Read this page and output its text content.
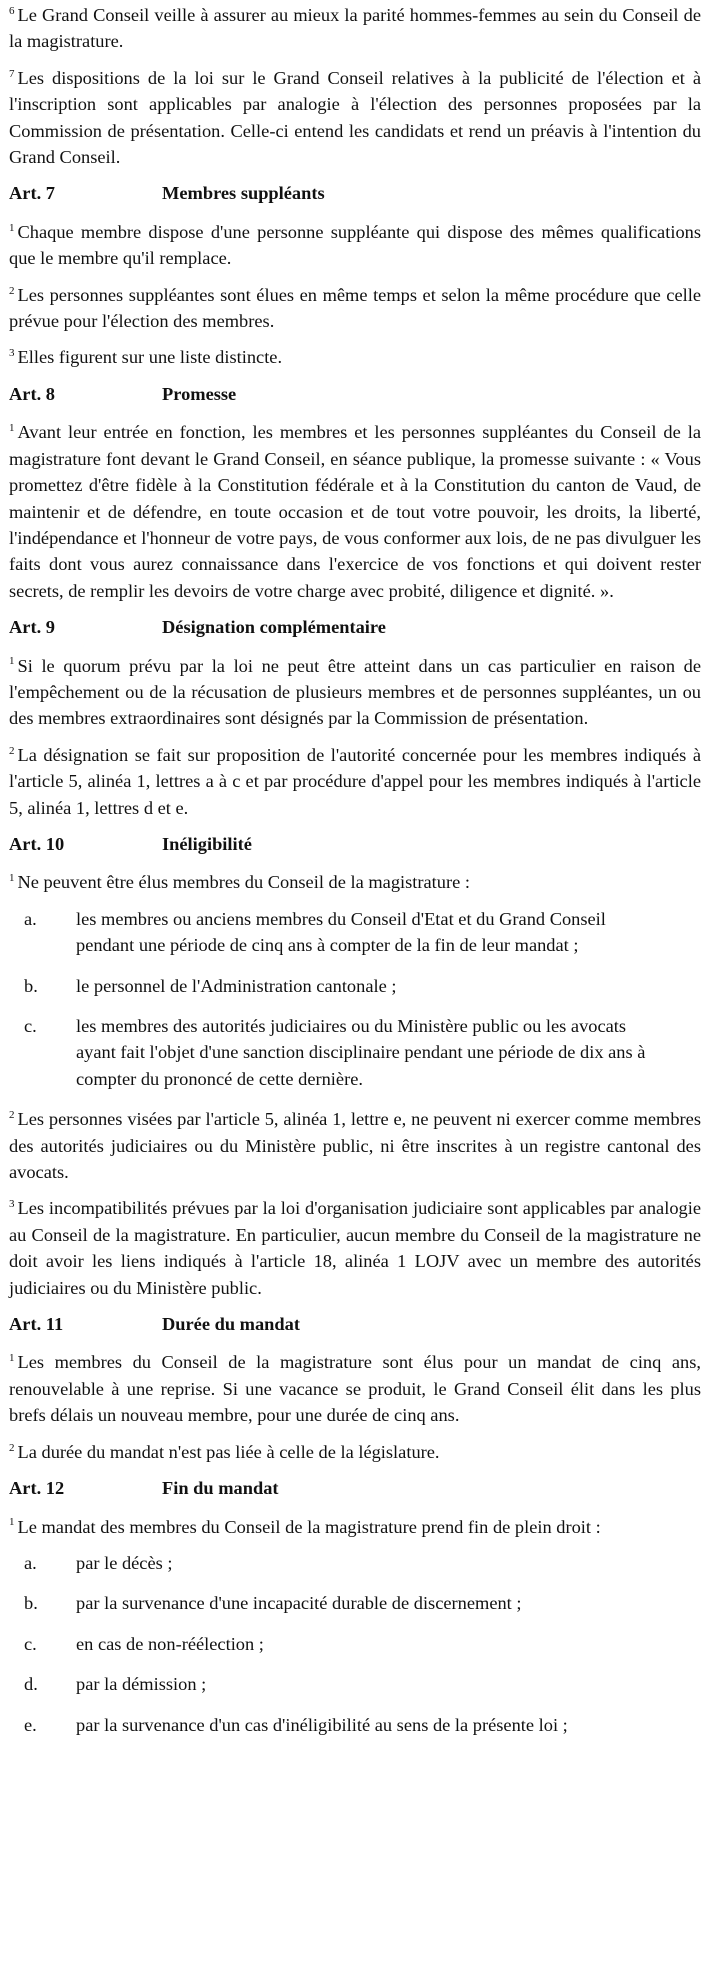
$^6$ Le Grand Conseil veille à assurer au mieux la parité hommes-femmes au sein du Conseil de la magistrature.

$^7$ Les dispositions de la loi sur le Grand Conseil relatives à la publicité de l'élection et à l'inscription sont applicables par analogie à l'élection des personnes proposées par la Commission de présentation. Celle-ci entend les candidats et rend un préavis à l'intention du Grand Conseil.

Art. 7	Membres suppléants

$^1$ Chaque membre dispose d'une personne suppléante qui dispose des mêmes qualifications que le membre qu'il remplace.

$^2$ Les personnes suppléantes sont élues en même temps et selon la même procédure que celle prévue pour l'élection des membres.

$^3$ Elles figurent sur une liste distincte.

Art. 8	Promesse

$^1$ Avant leur entrée en fonction, les membres et les personnes suppléantes du Conseil de la magistrature font devant le Grand Conseil, en séance publique, la promesse suivante : « Vous promettez d'être fidèle à la Constitution fédérale et à la Constitution du canton de Vaud, de maintenir et de défendre, en toute occasion et de tout votre pouvoir, les droits, la liberté, l'indépendance et l'honneur de votre pays, de vous conformer aux lois, de ne pas divulguer les faits dont vous aurez connaissance dans l'exercice de vos fonctions et qui doivent rester secrets, de remplir les devoirs de votre charge avec probité, diligence et dignité. ».

Art. 9	Désignation complémentaire

$^1$ Si le quorum prévu par la loi ne peut être atteint dans un cas particulier en raison de l'empêchement ou de la récusation de plusieurs membres et de personnes suppléantes, un ou des membres extraordinaires sont désignés par la Commission de présentation.

$^2$ La désignation se fait sur proposition de l'autorité concernée pour les membres indiqués à l'article 5, alinéa 1, lettres a à c et par procédure d'appel pour les membres indiqués à l'article 5, alinéa 1, lettres d et e.

Art. 10	Inéligibilité

$^1$ Ne peuvent être élus membres du Conseil de la magistrature :

a.	les membres ou anciens membres du Conseil d'Etat et du Grand Conseil pendant une période de cinq ans à compter de la fin de leur mandat ;
b.	le personnel de l'Administration cantonale ;
c.	les membres des autorités judiciaires ou du Ministère public ou les avocats ayant fait l'objet d'une sanction disciplinaire pendant une période de dix ans à compter du prononcé de cette dernière.

$^2$ Les personnes visées par l'article 5, alinéa 1, lettre e, ne peuvent ni exercer comme membres des autorités judiciaires ou du Ministère public, ni être inscrites à un registre cantonal des avocats.

$^3$ Les incompatibilités prévues par la loi d'organisation judiciaire sont applicables par analogie au Conseil de la magistrature. En particulier, aucun membre du Conseil de la magistrature ne doit avoir les liens indiqués à l'article 18, alinéa 1 LOJV avec un membre des autorités judiciaires ou du Ministère public.

Art. 11	Durée du mandat

$^1$ Les membres du Conseil de la magistrature sont élus pour un mandat de cinq ans, renouvelable à une reprise. Si une vacance se produit, le Grand Conseil élit dans les plus brefs délais un nouveau membre, pour une durée de cinq ans.

$^2$ La durée du mandat n'est pas liée à celle de la législature.

Art. 12	Fin du mandat

$^1$ Le mandat des membres du Conseil de la magistrature prend fin de plein droit :

a.	par le décès ;
b.	par la survenance d'une incapacité durable de discernement ;
c.	en cas de non-réélection ;
d.	par la démission ;
e.	par la survenance d'un cas d'inéligibilité au sens de la présente loi ;
